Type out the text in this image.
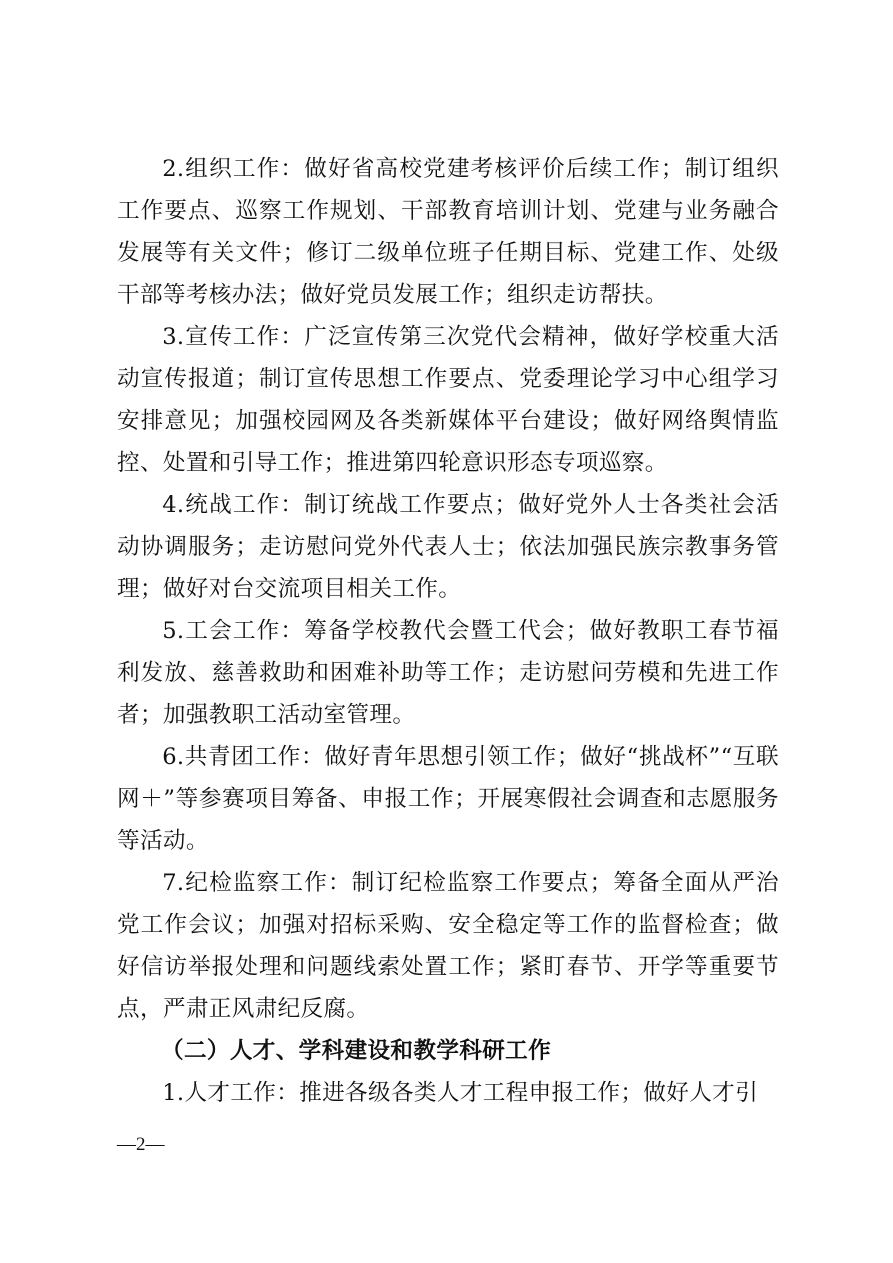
2.组织工作：做好省高校党建考核评价后续工作；制订组织工作要点、巡察工作规划、干部教育培训计划、党建与业务融合发展等有关文件；修订二级单位班子任期目标、党建工作、处级干部等考核办法；做好党员发展工作；组织走访帮扶。

3.宣传工作：广泛宣传第三次党代会精神，做好学校重大活动宣传报道；制订宣传思想工作要点、党委理论学习中心组学习安排意见；加强校园网及各类新媒体平台建设；做好网络舆情监控、处置和引导工作；推进第四轮意识形态专项巡察。

4.统战工作：制订统战工作要点；做好党外人士各类社会活动协调服务；走访慰问党外代表人士；依法加强民族宗教事务管理；做好对台交流项目相关工作。

5.工会工作：筹备学校教代会暨工代会；做好教职工春节福利发放、慈善救助和困难补助等工作；走访慰问劳模和先进工作者；加强教职工活动室管理。

6.共青团工作：做好青年思想引领工作；做好“挑战杯”“互联网＋”等参赛项目筹备、申报工作；开展寒假社会调查和志愿服务等活动。

7.纪检监察工作：制订纪检监察工作要点；筹备全面从严治党工作会议；加强对招标采购、安全稳定等工作的监督检查；做好信访举报处理和问题线索处置工作；紧盯春节、开学等重要节点，严肃正风肃纪反腐。

（二）人才、学科建设和教学科研工作

1.人才工作：推进各级各类人才工程申报工作；做好人才引

—2—
